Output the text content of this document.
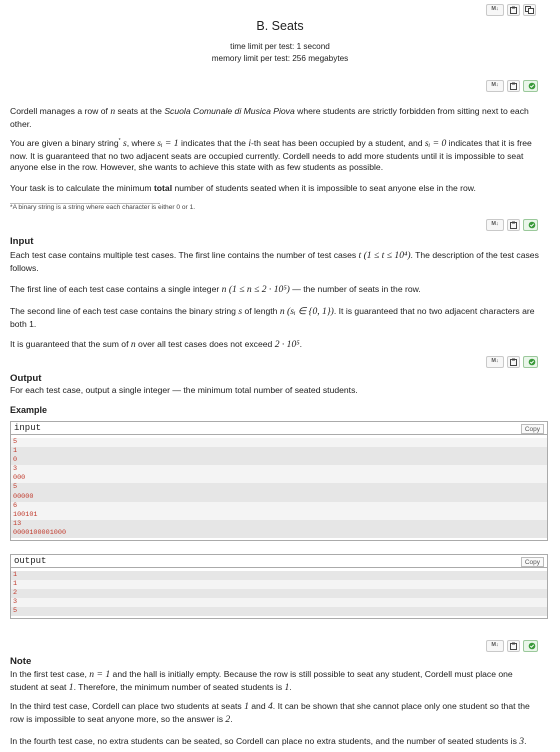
M↓
B. Seats
time limit per test: 1 second
memory limit per test: 256 megabytes
M↓
Cordell manages a row of n seats at the Scuola Comunale di Musica Piova where students are strictly forbidden from sitting next to each other.
You are given a binary string* s, where sᵢ = 1 indicates that the i-th seat has been occupied by a student, and sᵢ = 0 indicates that it is free now. It is guaranteed that no two adjacent seats are occupied currently. Cordell needs to add more students until it is impossible to seat anyone else in the row. However, she wants to achieve this state with as few students as possible.
Your task is to calculate the minimum total number of students seated when it is impossible to seat anyone else in the row.
*A binary string is a string where each character is either 0 or 1.
M↓
Input
Each test case contains multiple test cases. The first line contains the number of test cases t (1 ≤ t ≤ 10⁴). The description of the test cases follows.
The first line of each test case contains a single integer n (1 ≤ n ≤ 2 · 10⁵) — the number of seats in the row.
The second line of each test case contains the binary string s of length n (sᵢ ∈ {0, 1}). It is guaranteed that no two adjacent characters are both 1.
It is guaranteed that the sum of n over all test cases does not exceed 2 · 10⁵.
M↓
Output
For each test case, output a single integer — the minimum total number of seated students.
Example
input	Copy
5
1
0
3
000
5
00000
6
100101
13
0000100001000
output	Copy
1
1
2
3
5
M↓
Note
In the first test case, n = 1 and the hall is initially empty. Because the row is still possible to seat any student, Cordell must place one student at seat 1. Therefore, the minimum number of seated students is 1.
In the third test case, Cordell can place two students at seats 1 and 4. It can be shown that she cannot place only one student so that the row is impossible to seat anyone more, so the answer is 2.
In the fourth test case, no extra students can be seated, so Cordell can place no extra students, and the number of seated students is 3.
